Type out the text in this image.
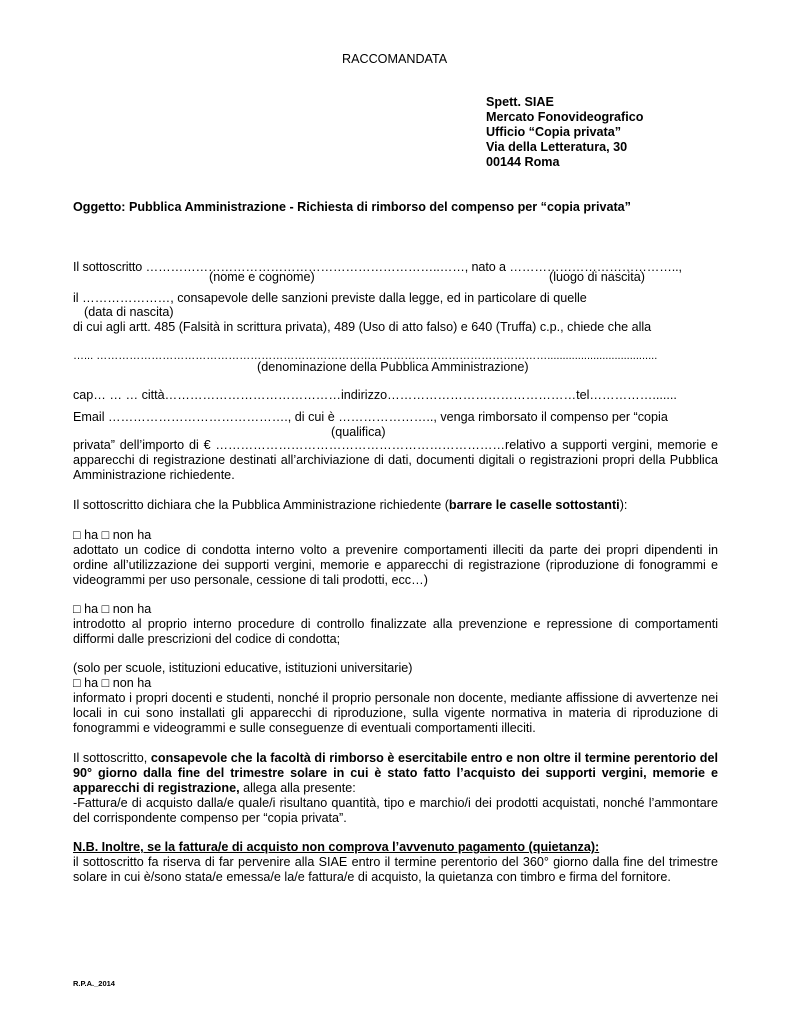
RACCOMANDATA
Spett. SIAE
Mercato Fonovideografico
Ufficio “Copia privata”
Via della Letteratura, 30
00144 Roma
Oggetto: Pubblica Amministrazione - Richiesta di rimborso del compenso per “copia privata”
Il sottoscritto ……………………………………………………………..……, nato a …………………………………..,
(nome e cognome)	(luogo di nascita)
il …………………, consapevole delle sanzioni previste dalla legge, ed in particolare di quelle
(data di nascita)
di cui agli artt. 485 (Falsità in scrittura privata), 489 (Uso di atto falso) e 640 (Truffa) c.p., chiede che alla
…... ……………………………………………………………………………………………………………....................................
(denominazione della Pubblica Amministrazione)
cap… … … città……………………………………indirizzo………………………………………tel…………….......
Email ……………………………………., di cui è ………………….., venga rimborsato il compenso per “copia
(qualifica)
privata” dell’importo di € ……………………………………………………………relativo a supporti vergini, memorie e apparecchi di registrazione destinati all’archiviazione di dati, documenti digitali o registrazioni propri della Pubblica Amministrazione richiedente.
Il sottoscritto dichiara che la Pubblica Amministrazione richiedente (barrare le caselle sottostanti):
□ ha □ non ha
adottato un codice di condotta interno volto a prevenire comportamenti illeciti da parte dei propri dipendenti in ordine all’utilizzazione dei supporti vergini, memorie e apparecchi di registrazione (riproduzione di fonogrammi e videogrammi per uso personale, cessione di tali prodotti, ecc…)
□ ha □ non ha
introdotto al proprio interno procedure di controllo finalizzate alla prevenzione e repressione di comportamenti difformi dalle prescrizioni del codice di condotta;
(solo per scuole, istituzioni educative, istituzioni universitarie)
□ ha □ non ha
informato i propri docenti e studenti, nonché il proprio personale non docente, mediante affissione di avvertenze nei locali in cui sono installati gli apparecchi di riproduzione, sulla vigente normativa in materia di riproduzione di fonogrammi e videogrammi e sulle conseguenze di eventuali comportamenti illeciti.
Il sottoscritto, consapevole che la facoltà di rimborso è esercitabile entro e non oltre il termine perentorio del 90° giorno dalla fine del trimestre solare in cui è stato fatto l’acquisto dei supporti vergini, memorie e apparecchi di registrazione, allega alla presente:
-Fattura/e di acquisto dalla/e quale/i risultano quantità, tipo e marchio/i dei prodotti acquistati, nonché l’ammontare del corrispondente compenso per “copia privata”.
N.B. Inoltre, se la fattura/e di acquisto non comprova l’avvenuto pagamento (quietanza):
il sottoscritto fa riserva di far pervenire alla SIAE entro il termine perentorio del 360° giorno dalla fine del trimestre solare in cui è/sono stata/e emessa/e la/e fattura/e di acquisto, la quietanza con timbro e firma del fornitore.
R.P.A._2014
